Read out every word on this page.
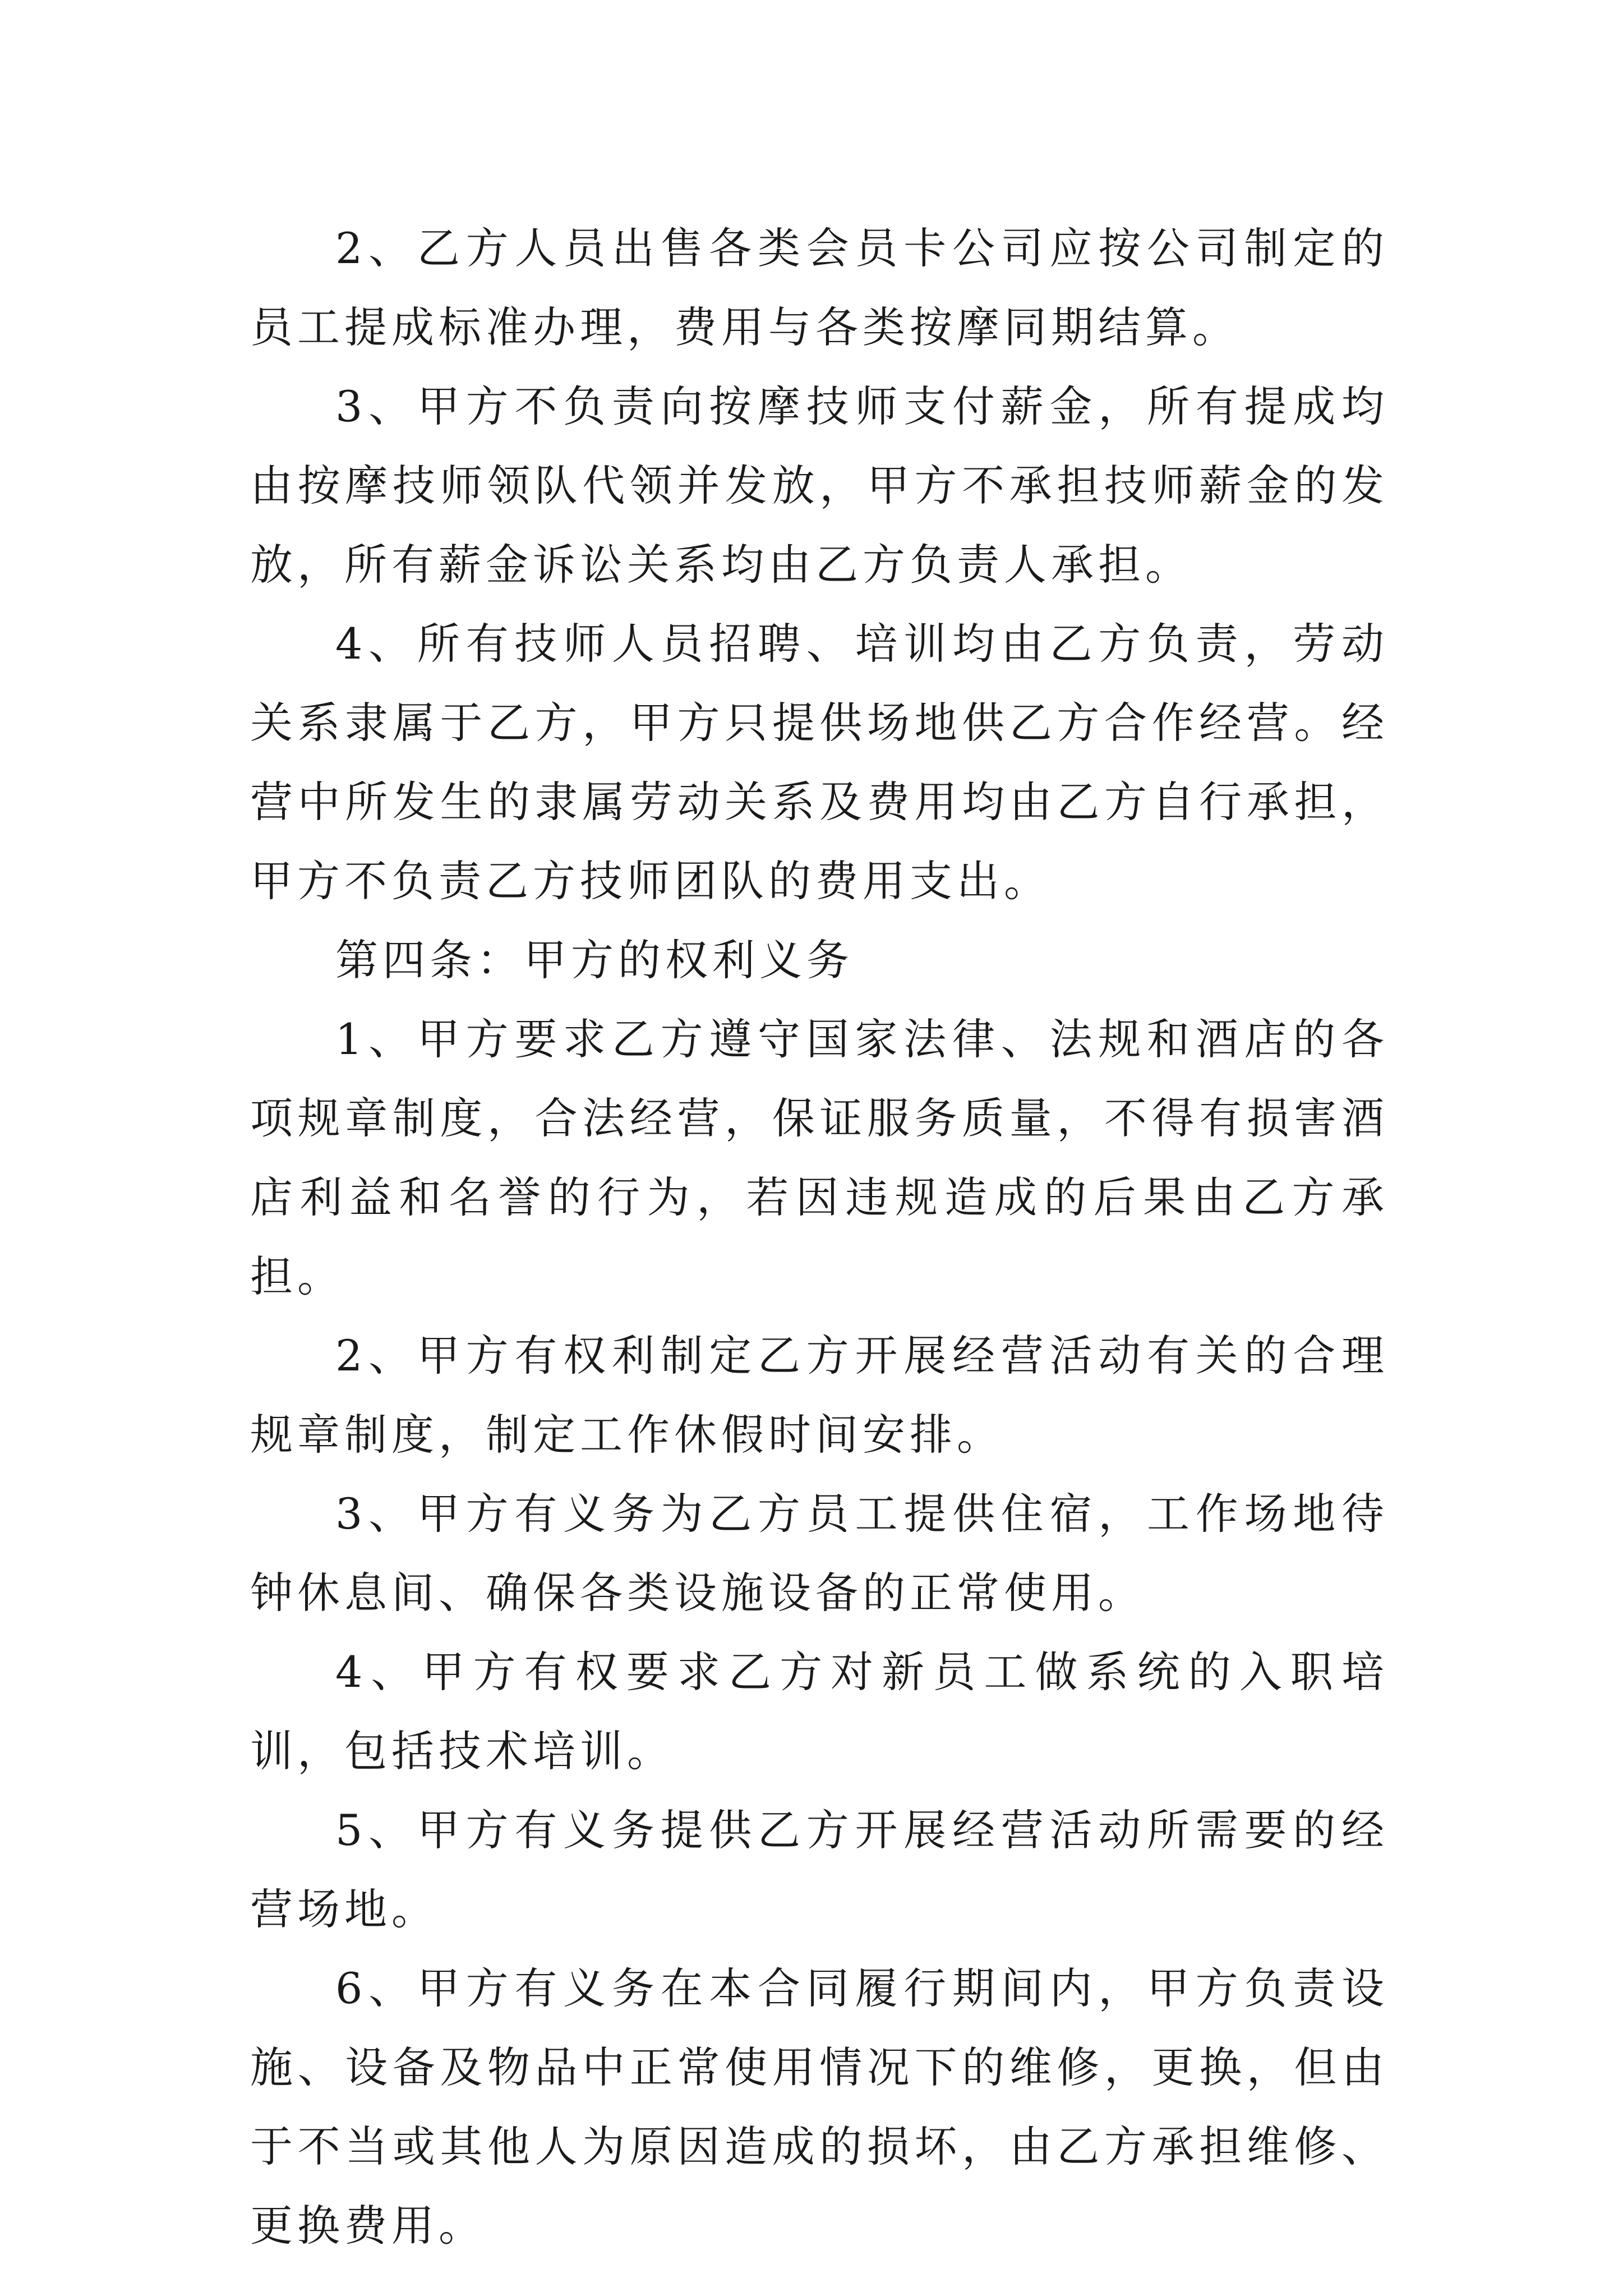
2、乙方人员出售各类会员卡公司应按公司制定的员工提成标准办理，费用与各类按摩同期结算。

3、甲方不负责向按摩技师支付薪金，所有提成均由按摩技师领队代领并发放，甲方不承担技师薪金的发放，所有薪金诉讼关系均由乙方负责人承担。

4、所有技师人员招聘、培训均由乙方负责，劳动关系隶属于乙方，甲方只提供场地供乙方合作经营。经营中所发生的隶属劳动关系及费用均由乙方自行承担，甲方不负责乙方技师团队的费用支出。

第四条：甲方的权利义务

1、甲方要求乙方遵守国家法律、法规和酒店的各项规章制度，合法经营，保证服务质量，不得有损害酒店利益和名誉的行为，若因违规造成的后果由乙方承担。

2、甲方有权利制定乙方开展经营活动有关的合理规章制度，制定工作休假时间安排。

3、甲方有义务为乙方员工提供住宿，工作场地待钟休息间、确保各类设施设备的正常使用。

4、甲方有权要求乙方对新员工做系统的入职培训，包括技术培训。

5、甲方有义务提供乙方开展经营活动所需要的经营场地。

6、甲方有义务在本合同履行期间内，甲方负责设施、设备及物品中正常使用情况下的维修，更换，但由于不当或其他人为原因造成的损坏，由乙方承担维修、更换费用。
